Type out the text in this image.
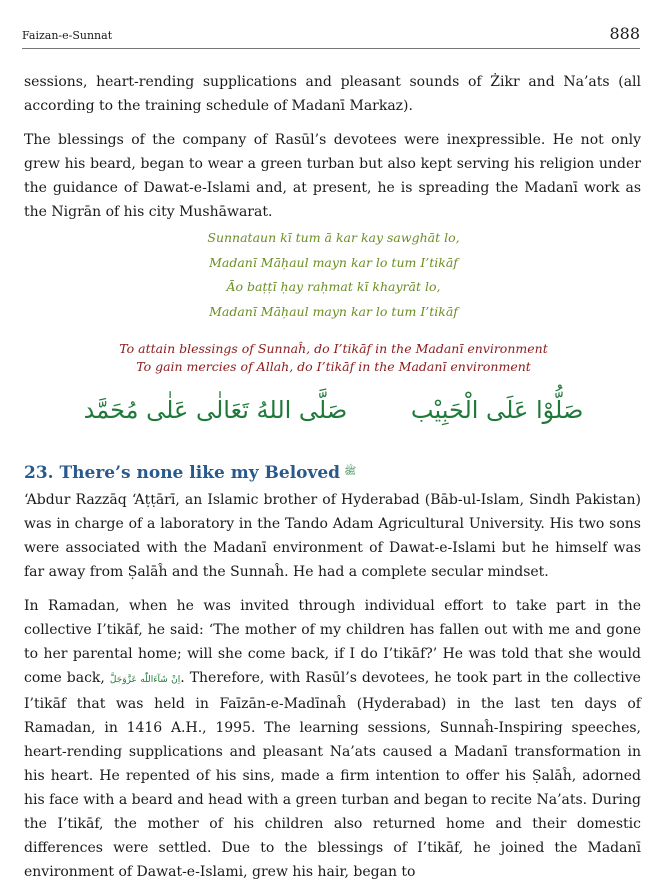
Faizan-e-Sunnat	888

sessions, heart-rending supplications and pleasant sounds of Żikr and Na’ats (all according to the training schedule of Madanī Markaz).

The blessings of the company of Rasūl’s devotees were inexpressible. He not only grew his beard, began to wear a green turban but also kept serving his religion under the guidance of Dawat-e-Islami and, at present, he is spreading the Madanī work as the Nigrān of his city Mushāwarat.

Sunnataun kī tum ā kar kay sawghāt lo,
Madanī Māḥaul mayn kar lo tum I’tikāf
Āo baṭṭī ḥay raḥmat kī khayrāt lo,
Madanī Māḥaul mayn kar lo tum I’tikāf
To attain blessings of Sunnaĥ, do I’tikāf in the Madanī environment
To gain mercies of Allah, do I’tikāf in the Madanī environment
صَلُّوْا عَلَى الْحَبِيْب صَلَّى اللهُ تَعَالٰى عَلٰى مُحَمَّد
23. There’s none like my Beloved $^ﷺ$

‘Abdur Razzāq ‘Aṭṭārī, an Islamic brother of Hyderabad (Bāb-ul-Islam, Sindh Pakistan) was in charge of a laboratory in the Tando Adam Agricultural University. His two sons were associated with the Madanī environment of Dawat-e-Islami but he himself was far away from Ṣalāĥ and the Sunnaĥ. He had a complete secular mindset.

In Ramadan, when he was invited through individual effort to take part in the collective I’tikāf, he said: ‘The mother of my children has fallen out with me and gone to her parental home; will she come back, if I do I’tikāf?’ He was told that she would come back, اِنْ شَآءَاللّٰه عَزَّوَجَلَّ. Therefore, with Rasūl’s devotees, he took part in the collective I’tikāf that was held in Faīzān-e-Madīnaĥ (Hyderabad) in the last ten days of Ramadan, in 1416 A.H., 1995. The learning sessions, Sunnaĥ-Inspiring speeches, heart-rending supplications and pleasant Na’ats caused a Madanī transformation in his heart. He repented of his sins, made a firm intention to offer his Ṣalāĥ, adorned his face with a beard and head with a green turban and began to recite Na’ats. During the I’tikāf, the mother of his children also returned home and their domestic differences were settled. Due to the blessings of I’tikāf, he joined the Madanī environment of Dawat-e-Islami, grew his hair, began to
